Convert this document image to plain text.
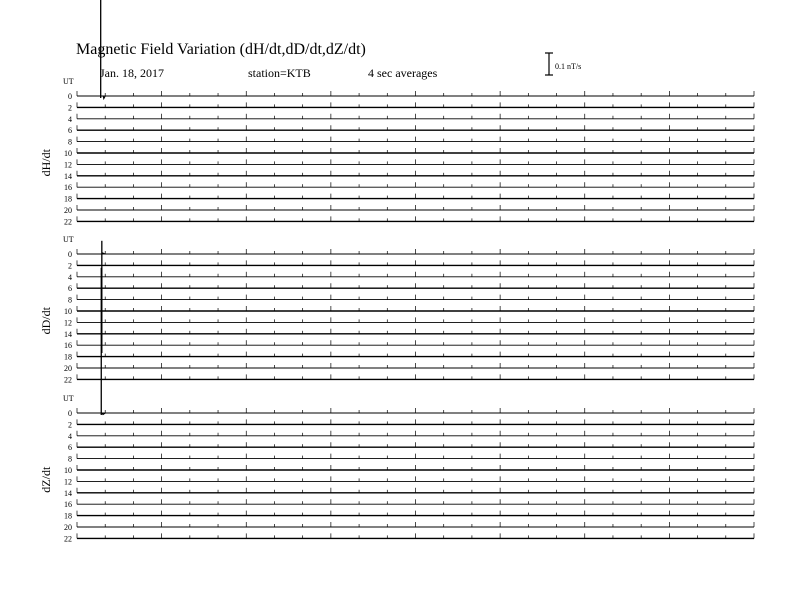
Magnetic Field Variation (dH/dt,dD/dt,dZ/dt)
Jan. 18, 2017	station=KTB	4 sec averages	0.1 nT/s
UT
dH/dt
0
2
4
6
8
10
12
14
16
18
20
22
UT
dD/dt
0
2
4
6
8
10
12
14
16
18
20
22
UT
dZ/dt
0
2
4
6
8
10
12
14
16
18
20
22
